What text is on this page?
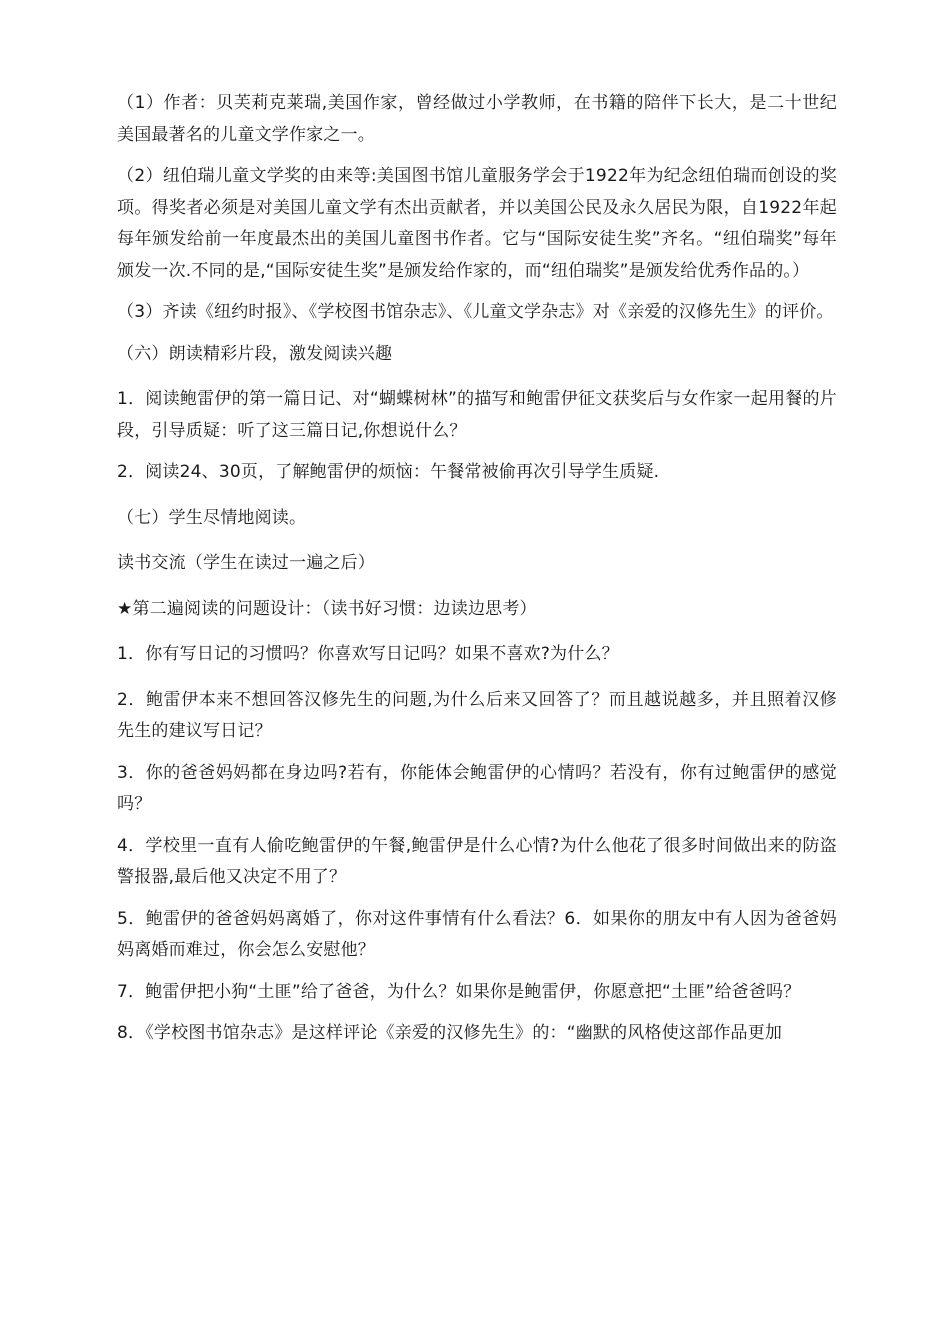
（1）作者：贝芙莉克莱瑞,美国作家，曾经做过小学教师，在书籍的陪伴下长大，是二十世纪美国最著名的儿童文学作家之一。

（2）纽伯瑞儿童文学奖的由来等:美国图书馆儿童服务学会于1922年为纪念纽伯瑞而创设的奖项。得奖者必须是对美国儿童文学有杰出贡献者，并以美国公民及永久居民为限，自1922年起每年颁发给前一年度最杰出的美国儿童图书作者。它与“国际安徒生奖”齐名。“纽伯瑞奖”每年颁发一次.不同的是,“国际安徒生奖”是颁发给作家的，而“纽伯瑞奖”是颁发给优秀作品的。）

（3）齐读《纽约时报》、《学校图书馆杂志》、《儿童文学杂志》对《亲爱的汉修先生》的评价。

（六）朗读精彩片段，激发阅读兴趣

1．阅读鲍雷伊的第一篇日记、对“蝴蝶树林”的描写和鲍雷伊征文获奖后与女作家一起用餐的片段，引导质疑：听了这三篇日记,你想说什么？

2．阅读24、30页，了解鲍雷伊的烦恼：午餐常被偷再次引导学生质疑.

（七）学生尽情地阅读。

读书交流（学生在读过一遍之后）

★第二遍阅读的问题设计：（读书好习惯：边读边思考）

1．你有写日记的习惯吗？你喜欢写日记吗？如果不喜欢?为什么？

2．鲍雷伊本来不想回答汉修先生的问题,为什么后来又回答了？而且越说越多，并且照着汉修先生的建议写日记？

3．你的爸爸妈妈都在身边吗?若有，你能体会鲍雷伊的心情吗？若没有，你有过鲍雷伊的感觉吗？

4．学校里一直有人偷吃鲍雷伊的午餐,鲍雷伊是什么心情?为什么他花了很多时间做出来的防盗警报器,最后他又决定不用了？

5．鲍雷伊的爸爸妈妈离婚了，你对这件事情有什么看法？6．如果你的朋友中有人因为爸爸妈妈离婚而难过，你会怎么安慰他？

7．鲍雷伊把小狗“土匪”给了爸爸，为什么？如果你是鲍雷伊，你愿意把“土匪”给爸爸吗？

8．《学校图书馆杂志》是这样评论《亲爱的汉修先生》的：“幽默的风格使这部作品更加
